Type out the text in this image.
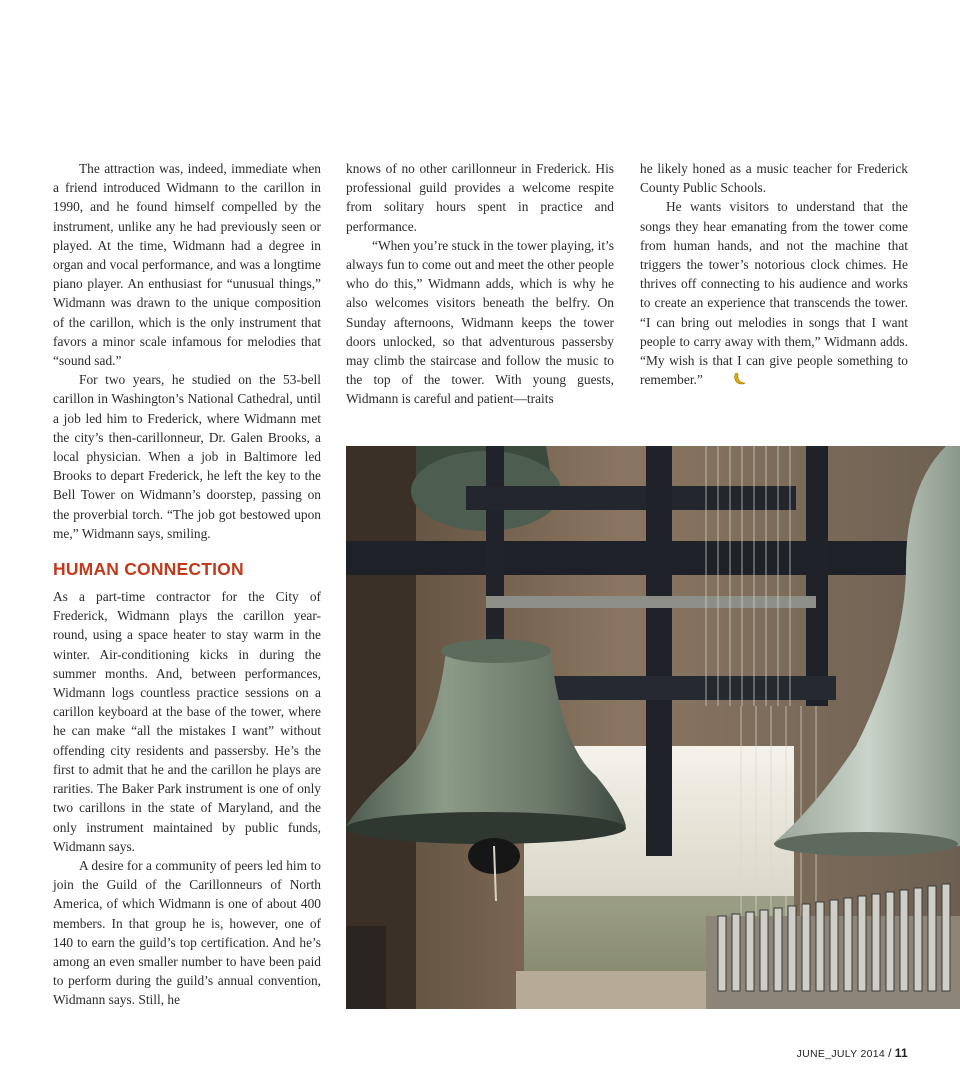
The attraction was, indeed, immediate when a friend introduced Widmann to the carillon in 1990, and he found himself compelled by the instrument, unlike any he had previously seen or played. At the time, Widmann had a degree in organ and vocal performance, and was a longtime piano player. An enthusiast for “unusual things,” Widmann was drawn to the unique composition of the carillon, which is the only instrument that favors a minor scale infamous for melodies that “sound sad.”

For two years, he studied on the 53-bell carillon in Washington’s National Cathedral, until a job led him to Frederick, where Widmann met the city’s then-carillonneur, Dr. Galen Brooks, a local physician. When a job in Baltimore led Brooks to depart Frederick, he left the key to the Bell Tower on Widmann’s doorstep, passing on the proverbial torch. “The job got bestowed upon me,” Widmann says, smiling.

HUMAN CONNECTION

As a part-time contractor for the City of Frederick, Widmann plays the carillon year-round, using a space heater to stay warm in the winter. Air-conditioning kicks in during the summer months. And, between performances, Widmann logs countless practice sessions on a carillon keyboard at the base of the tower, where he can make “all the mistakes I want” without offending city residents and passersby. He’s the first to admit that he and the carillon he plays are rarities. The Baker Park instrument is one of only two carillons in the state of Maryland, and the only instrument maintained by public funds, Widmann says.

A desire for a community of peers led him to join the Guild of the Carillonneurs of North America, of which Widmann is one of about 400 members. In that group he is, however, one of 140 to earn the guild’s top certification. And he’s among an even smaller number to have been paid to perform during the guild’s annual convention, Widmann says. Still, he

knows of no other carillonneur in Frederick. His professional guild provides a welcome respite from solitary hours spent in practice and performance.

“When you’re stuck in the tower playing, it’s always fun to come out and meet the other people who do this,” Widmann adds, which is why he also welcomes visitors beneath the belfry. On Sunday afternoons, Widmann keeps the tower doors unlocked, so that adventurous passersby may climb the staircase and follow the music to the top of the tower. With young guests, Widmann is careful and patient—traits

he likely honed as a music teacher for Frederick County Public Schools.

He wants visitors to understand that the songs they hear emanating from the tower come from human hands, and not the machine that triggers the tower’s notorious clock chimes. He thrives off connecting to his audience and works to create an experience that transcends the tower. “I can bring out melodies in songs that I want people to carry away with them,” Widmann adds. “My wish is that I can give people something to remember.”

JUNE_JULY 2014 / 11
